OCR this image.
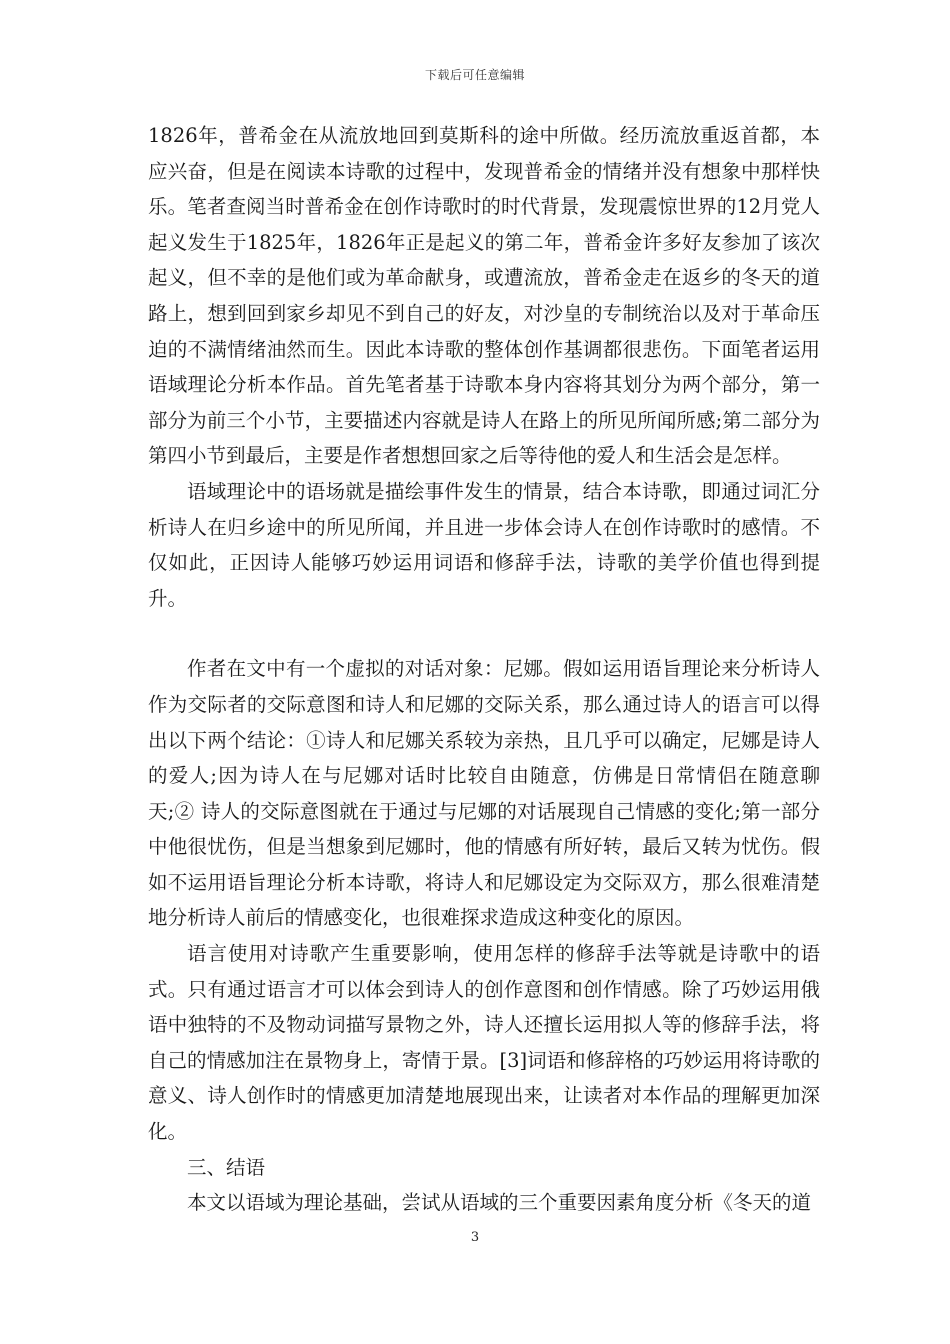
下载后可任意编辑

1826年，普希金在从流放地回到莫斯科的途中所做。经历流放重返首都，本应兴奋，但是在阅读本诗歌的过程中，发现普希金的情绪并没有想象中那样快乐。笔者查阅当时普希金在创作诗歌时的时代背景，发现震惊世界的12月党人起义发生于1825年，1826年正是起义的第二年，普希金许多好友参加了该次起义，但不幸的是他们或为革命献身，或遭流放，普希金走在返乡的冬天的道路上，想到回到家乡却见不到自己的好友，对沙皇的专制统治以及对于革命压迫的不满情绪油然而生。因此本诗歌的整体创作基调都很悲伤。下面笔者运用语域理论分析本作品。首先笔者基于诗歌本身内容将其划分为两个部分，第一部分为前三个小节，主要描述内容就是诗人在路上的所见所闻所感;第二部分为第四小节到最后，主要是作者想想回家之后等待他的爱人和生活会是怎样。

语域理论中的语场就是描绘事件发生的情景，结合本诗歌，即通过词汇分析诗人在归乡途中的所见所闻，并且进一步体会诗人在创作诗歌时的感情。不仅如此，正因诗人能够巧妙运用词语和修辞手法，诗歌的美学价值也得到提升。

作者在文中有一个虚拟的对话对象：尼娜。假如运用语旨理论来分析诗人作为交际者的交际意图和诗人和尼娜的交际关系，那么通过诗人的语言可以得出以下两个结论：①诗人和尼娜关系较为亲热，且几乎可以确定，尼娜是诗人的爱人;因为诗人在与尼娜对话时比较自由随意，仿佛是日常情侣在随意聊天;② 诗人的交际意图就在于通过与尼娜的对话展现自己情感的变化;第一部分中他很忧伤，但是当想象到尼娜时，他的情感有所好转，最后又转为忧伤。假如不运用语旨理论分析本诗歌，将诗人和尼娜设定为交际双方，那么很难清楚地分析诗人前后的情感变化，也很难探求造成这种变化的原因。

语言使用对诗歌产生重要影响，使用怎样的修辞手法等就是诗歌中的语式。只有通过语言才可以体会到诗人的创作意图和创作情感。除了巧妙运用俄语中独特的不及物动词描写景物之外，诗人还擅长运用拟人等的修辞手法，将自己的情感加注在景物身上，寄情于景。[3]词语和修辞格的巧妙运用将诗歌的意义、诗人创作时的情感更加清楚地展现出来，让读者对本作品的理解更加深化。

三、结语

本文以语域为理论基础，尝试从语域的三个重要因素角度分析《冬天的道

3
